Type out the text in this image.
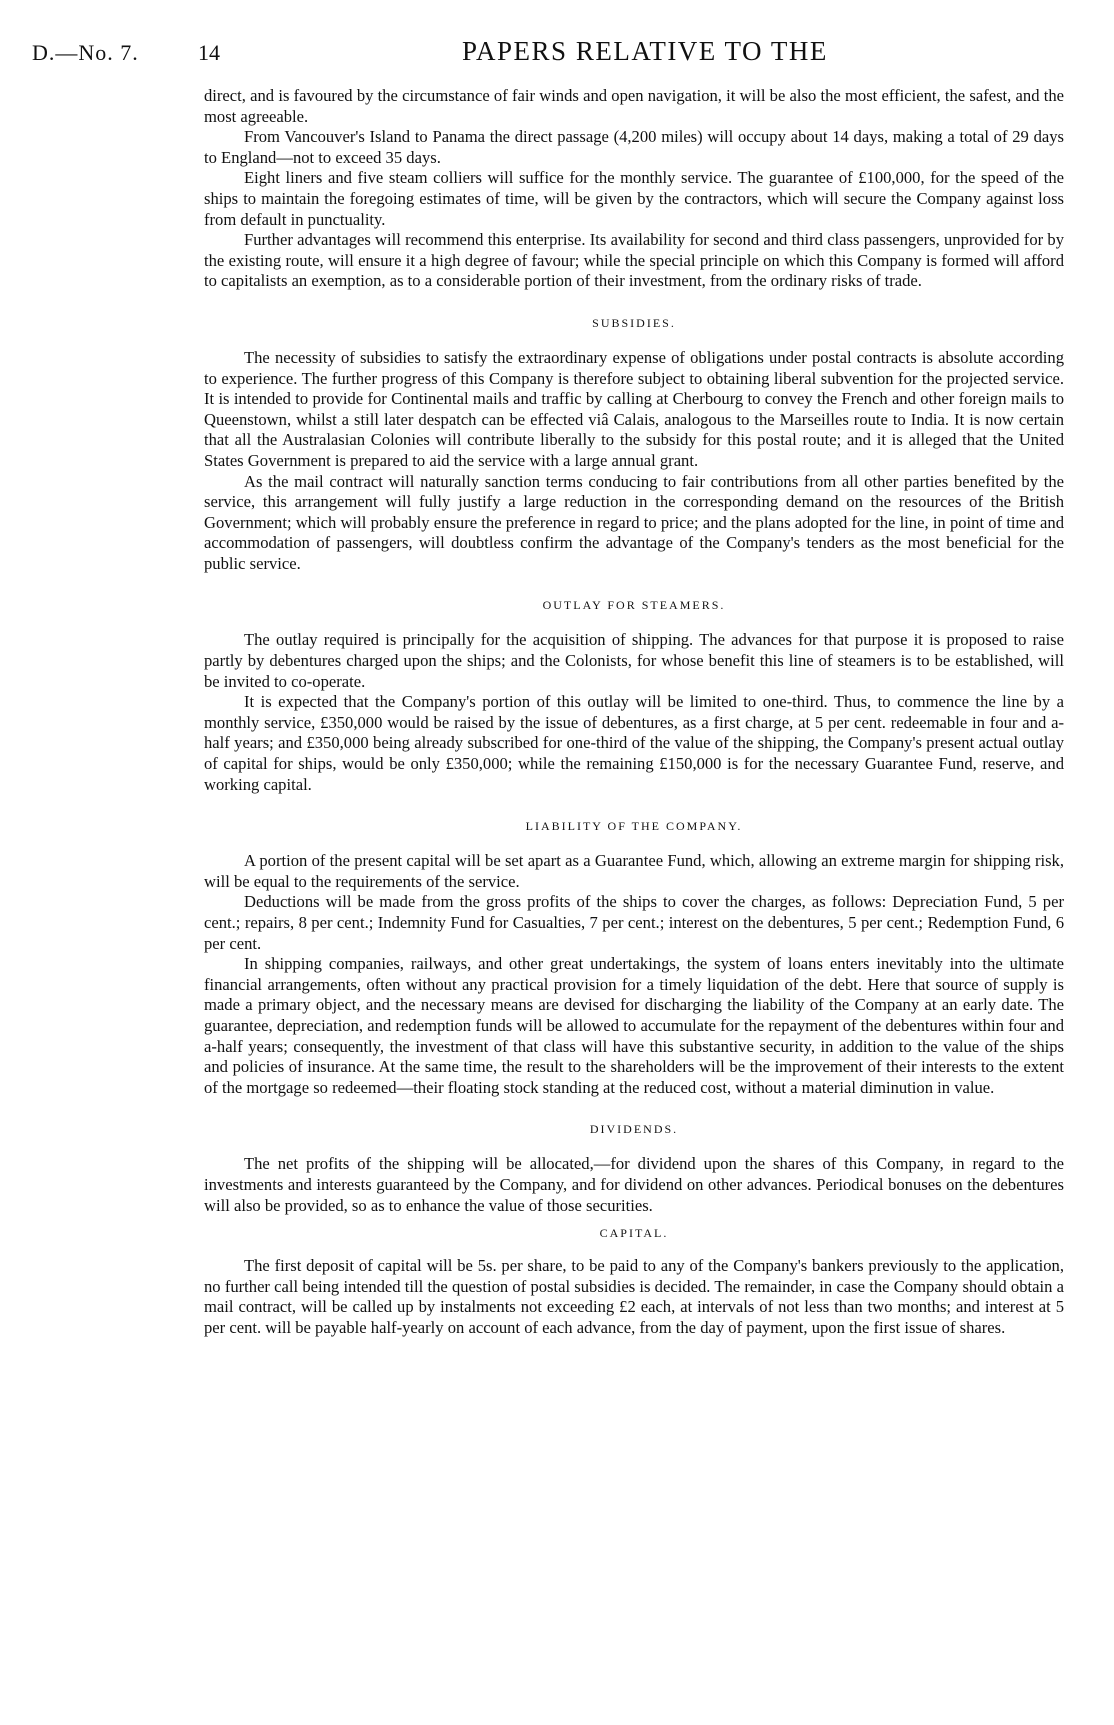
D.—No. 7.	14	PAPERS RELATIVE TO THE

direct, and is favoured by the circumstance of fair winds and open navigation, it will be also the most efficient, the safest, and the most agreeable.

From Vancouver's Island to Panama the direct passage (4,200 miles) will occupy about 14 days, making a total of 29 days to England—not to exceed 35 days.

Eight liners and five steam colliers will suffice for the monthly service. The guarantee of £100,000, for the speed of the ships to maintain the foregoing estimates of time, will be given by the contractors, which will secure the Company against loss from default in punctuality.

Further advantages will recommend this enterprise. Its availability for second and third class passengers, unprovided for by the existing route, will ensure it a high degree of favour; while the special principle on which this Company is formed will afford to capitalists an exemption, as to a considerable portion of their investment, from the ordinary risks of trade.

SUBSIDIES.

The necessity of subsidies to satisfy the extraordinary expense of obligations under postal contracts is absolute according to experience. The further progress of this Company is therefore subject to obtaining liberal subvention for the projected service. It is intended to provide for Continental mails and traffic by calling at Cherbourg to convey the French and other foreign mails to Queenstown, whilst a still later despatch can be effected viâ Calais, analogous to the Marseilles route to India. It is now certain that all the Australasian Colonies will contribute liberally to the subsidy for this postal route; and it is alleged that the United States Government is prepared to aid the service with a large annual grant.

As the mail contract will naturally sanction terms conducing to fair contributions from all other parties benefited by the service, this arrangement will fully justify a large reduction in the corresponding demand on the resources of the British Government; which will probably ensure the preference in regard to price; and the plans adopted for the line, in point of time and accommodation of passengers, will doubtless confirm the advantage of the Company's tenders as the most beneficial for the public service.

OUTLAY FOR STEAMERS.

The outlay required is principally for the acquisition of shipping. The advances for that purpose it is proposed to raise partly by debentures charged upon the ships; and the Colonists, for whose benefit this line of steamers is to be established, will be invited to co-operate.

It is expected that the Company's portion of this outlay will be limited to one-third. Thus, to commence the line by a monthly service, £350,000 would be raised by the issue of debentures, as a first charge, at 5 per cent. redeemable in four and a-half years; and £350,000 being already subscribed for one-third of the value of the shipping, the Company's present actual outlay of capital for ships, would be only £350,000; while the remaining £150,000 is for the necessary Guarantee Fund, reserve, and working capital.

LIABILITY OF THE COMPANY.

A portion of the present capital will be set apart as a Guarantee Fund, which, allowing an extreme margin for shipping risk, will be equal to the requirements of the service.

Deductions will be made from the gross profits of the ships to cover the charges, as follows: Depreciation Fund, 5 per cent.; repairs, 8 per cent.; Indemnity Fund for Casualties, 7 per cent.; interest on the debentures, 5 per cent.; Redemption Fund, 6 per cent.

In shipping companies, railways, and other great undertakings, the system of loans enters inevitably into the ultimate financial arrangements, often without any practical provision for a timely liquidation of the debt. Here that source of supply is made a primary object, and the necessary means are devised for discharging the liability of the Company at an early date. The guarantee, depreciation, and redemption funds will be allowed to accumulate for the repayment of the debentures within four and a-half years; consequently, the investment of that class will have this substantive security, in addition to the value of the ships and policies of insurance. At the same time, the result to the shareholders will be the improvement of their interests to the extent of the mortgage so redeemed—their floating stock standing at the reduced cost, without a material diminution in value.

DIVIDENDS.

The net profits of the shipping will be allocated,—for dividend upon the shares of this Company, in regard to the investments and interests guaranteed by the Company, and for dividend on other advances. Periodical bonuses on the debentures will also be provided, so as to enhance the value of those securities.

CAPITAL.

The first deposit of capital will be 5s. per share, to be paid to any of the Company's bankers previously to the application, no further call being intended till the question of postal subsidies is decided. The remainder, in case the Company should obtain a mail contract, will be called up by instalments not exceeding £2 each, at intervals of not less than two months; and interest at 5 per cent. will be payable half-yearly on account of each advance, from the day of payment, upon the first issue of shares.
